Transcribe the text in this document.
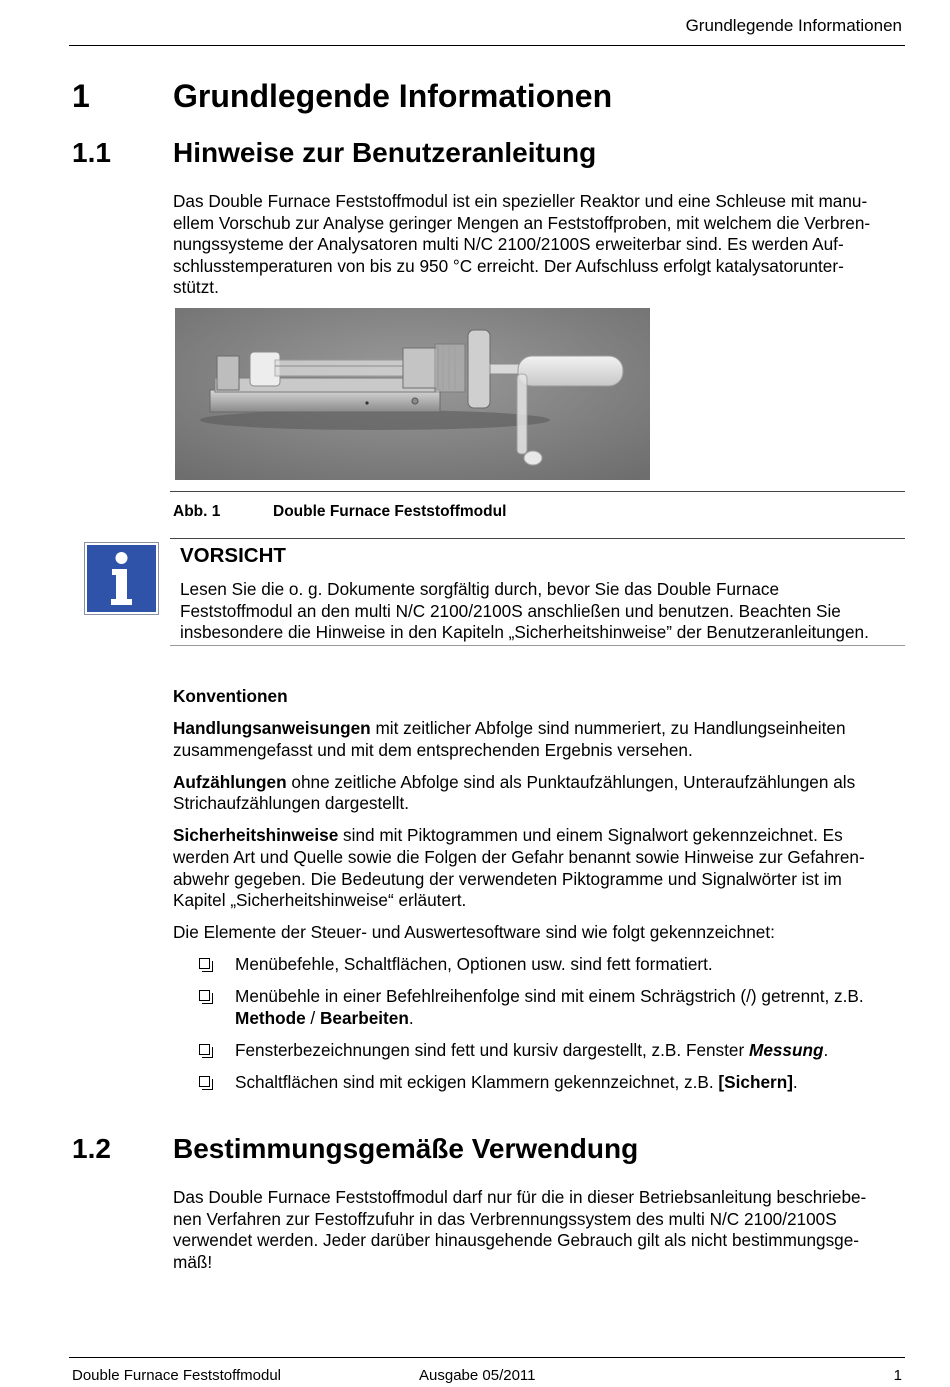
Grundlegende Informationen
1	Grundlegende Informationen
1.1 Hinweise zur Benutzeranleitung
Das Double Furnace Feststoffmodul ist ein spezieller Reaktor und eine Schleuse mit manu-
ellem Vorschub zur Analyse geringer Mengen an Feststoffproben, mit welchem die Verbren-
nungssysteme der Analysatoren multi N/C 2100/2100S erweiterbar sind. Es werden Auf-
schlusstemperaturen von bis zu 950 °C erreicht. Der Aufschluss erfolgt katalysatorunter-
stützt.
Abb. 1	Double Furnace Feststoffmodul
VORSICHT
Lesen Sie die o. g. Dokumente sorgfältig durch, bevor Sie das Double Furnace
Feststoffmodul an den multi N/C 2100/2100S anschließen und benutzen. Beachten Sie
insbesondere die Hinweise in den Kapiteln „Sicherheitshinweise” der Benutzeranleitungen.
Konventionen

Handlungsanweisungen mit zeitlicher Abfolge sind nummeriert, zu Handlungseinheiten zusammengefasst und mit dem entsprechenden Ergebnis versehen.

Aufzählungen ohne zeitliche Abfolge sind als Punktaufzählungen, Unteraufzählungen als Strichaufzählungen dargestellt.

Sicherheitshinweise sind mit Piktogrammen und einem Signalwort gekennzeichnet. Es werden Art und Quelle sowie die Folgen der Gefahr benannt sowie Hinweise zur Gefahren-abwehr gegeben. Die Bedeutung der verwendeten Piktogramme und Signalwörter ist im Kapitel „Sicherheitshinweise“ erläutert.

Die Elemente der Steuer- und Auswertesoftware sind wie folgt gekennzeichnet:

Menübefehle, Schaltflächen, Optionen usw. sind fett formatiert.
Menübehle in einer Befehlreihenfolge sind mit einem Schrägstrich (/) getrennt, z.B.
Methode / Bearbeiten.
Fensterbezeichnungen sind fett und kursiv dargestellt, z.B. Fenster Messung.
Schaltflächen sind mit eckigen Klammern gekennzeichnet, z.B. [Sichern].
1.2 Bestimmungsgemäße Verwendung
Das Double Furnace Feststoffmodul darf nur für die in dieser Betriebsanleitung beschriebe-
nen Verfahren zur Festoffzufuhr in das Verbrennungssystem des multi N/C 2100/2100S
verwendet werden. Jeder darüber hinausgehende Gebrauch gilt als nicht bestimmungsge-
mäß!
Double Furnace Feststoffmodul	Ausgabe 05/2011	1
